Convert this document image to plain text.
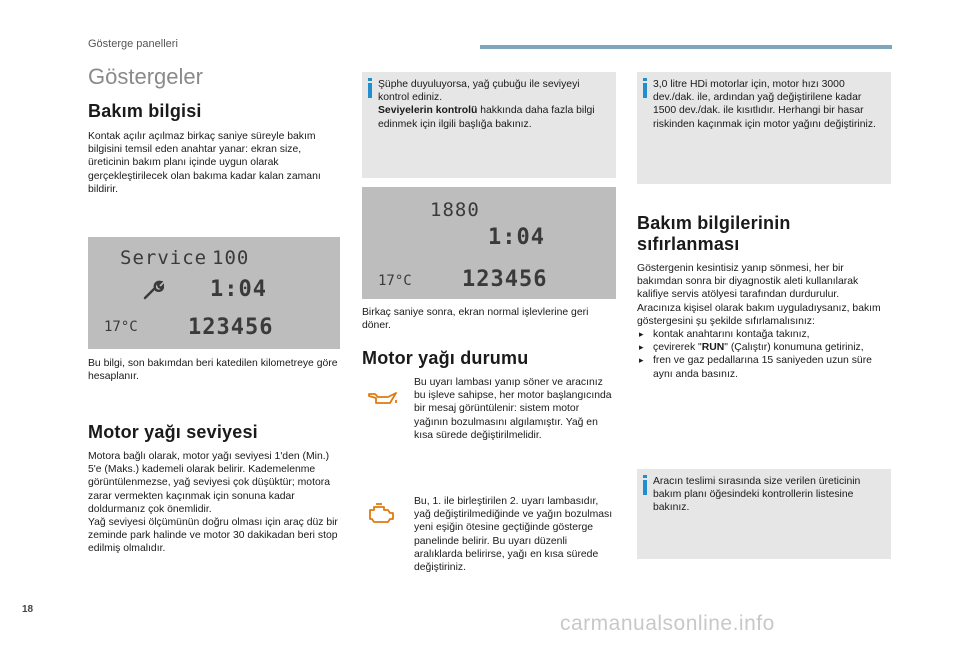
Gösterge panelleri
Göstergeler
Bakım bilgisi
Kontak açılır açılmaz birkaç saniye süreyle bakım bilgisini temsil eden anahtar yanar: ekran size, üreticinin bakım planı içinde uygun olarak gerçekleştirilecek olan bakıma kadar kalan zamanı bildirir.
Service 100
1:04
17°C 123456
Bu bilgi, son bakımdan beri katedilen kilometreye göre hesaplanır.
Motor yağı seviyesi
Motora bağlı olarak, motor yağı seviyesi 1'den (Min.) 5'e (Maks.) kademeli olarak belirir. Kademelenme görüntülenmezse, yağ seviyesi çok düşüktür; motora zarar vermekten kaçınmak için sonuna kadar doldurmanız çok önemlidir.
Yağ seviyesi ölçümünün doğru olması için araç düz bir zeminde park halinde ve motor 30 dakikadan beri stop edilmiş olmalıdır.
Şüphe duyuluyorsa, yağ çubuğu ile seviyeyi kontrol ediniz.
Seviyelerin kontrolü hakkında daha fazla bilgi edinmek için ilgili başlığa bakınız.
1880
1:04
17°C 123456
Birkaç saniye sonra, ekran normal işlevlerine geri döner.
Motor yağı durumu
Bu uyarı lambası yanıp söner ve aracınız bu işleve sahipse, her motor başlangıcında bir mesaj görüntülenir: sistem motor yağının bozulmasını algılamıştır. Yağ en kısa sürede değiştirilmelidir.
Bu, 1. ile birleştirilen 2. uyarı lambasıdır, yağ değiştirilmediğinde ve yağın bozulması yeni eşiğin ötesine geçtiğinde gösterge panelinde belirir. Bu uyarı düzenli aralıklarda belirirse, yağı en kısa sürede değiştiriniz.
3,0 litre HDi motorlar için, motor hızı 3000 dev./dak. ile, ardından yağ değiştirilene kadar 1500 dev./dak. ile kısıtlıdır. Herhangi bir hasar riskinden kaçınmak için motor yağını değiştiriniz.
Bakım bilgilerinin
sıfırlanması
Göstergenin kesintisiz yanıp sönmesi, her bir bakımdan sonra bir diyagnostik aleti kullanılarak kalifiye servis atölyesi tarafından durdurulur.
Aracınıza kişisel olarak bakım uyguladıysanız, bakım göstergesini şu şekilde sıfırlamalısınız:
▸ kontak anahtarını kontağa takınız,
▸ çevirerek "RUN" (Çalıştır) konumuna getiriniz,
▸ fren ve gaz pedallarına 15 saniyeden uzun süre aynı anda basınız.
Aracın teslimi sırasında size verilen üreticinin bakım planı öğesindeki kontrollerin listesine bakınız.
18
carmanualsonline.info
